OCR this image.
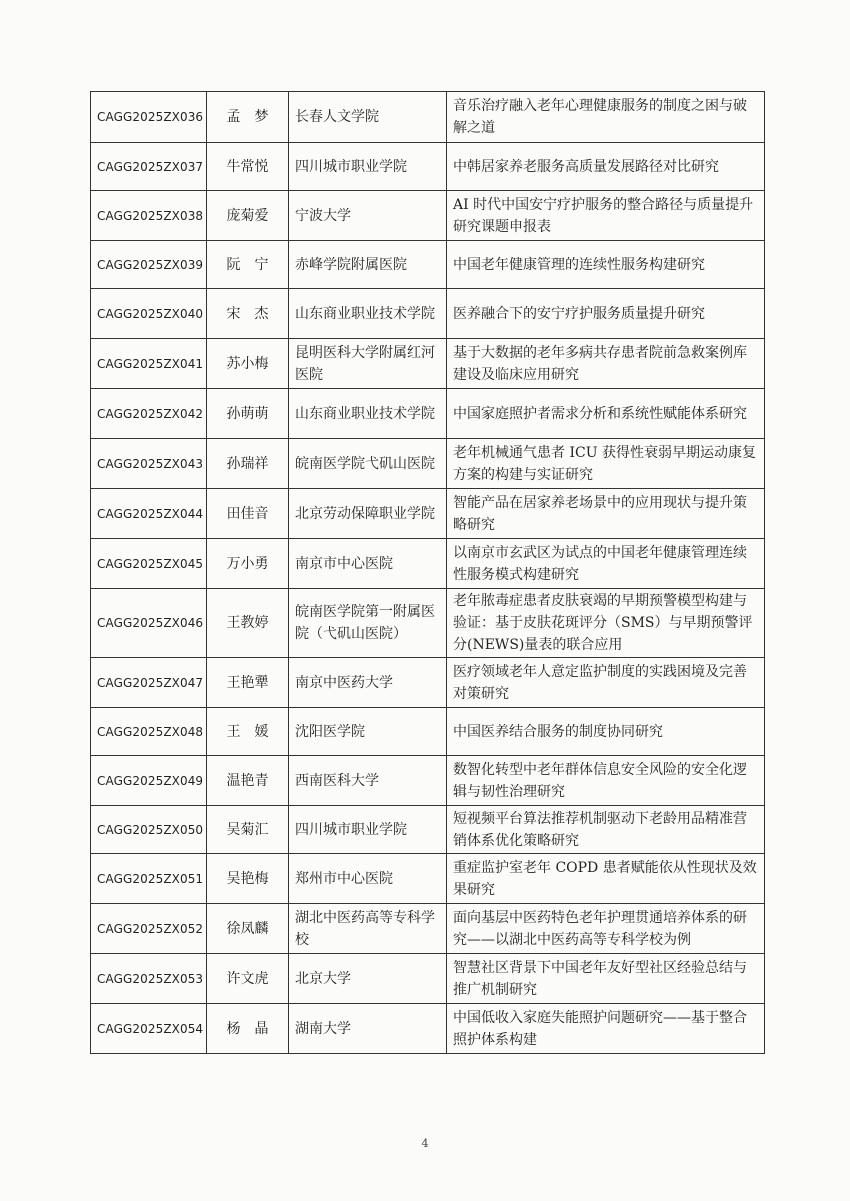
CAGG2025ZX036	孟　梦	长春人文学院	音乐治疗融入老年心理健康服务的制度之困与破解之道
CAGG2025ZX037	牛常悦	四川城市职业学院	中韩居家养老服务高质量发展路径对比研究
CAGG2025ZX038	庞菊爱	宁波大学	AI 时代中国安宁疗护服务的整合路径与质量提升研究课题申报表
CAGG2025ZX039	阮　宁	赤峰学院附属医院	中国老年健康管理的连续性服务构建研究
CAGG2025ZX040	宋　杰	山东商业职业技术学院	医养融合下的安宁疗护服务质量提升研究
CAGG2025ZX041	苏小梅	昆明医科大学附属红河医院	基于大数据的老年多病共存患者院前急救案例库建设及临床应用研究
CAGG2025ZX042	孙萌萌	山东商业职业技术学院	中国家庭照护者需求分析和系统性赋能体系研究
CAGG2025ZX043	孙瑞祥	皖南医学院弋矶山医院	老年机械通气患者 ICU 获得性衰弱早期运动康复方案的构建与实证研究
CAGG2025ZX044	田佳音	北京劳动保障职业学院	智能产品在居家养老场景中的应用现状与提升策略研究
CAGG2025ZX045	万小勇	南京市中心医院	以南京市玄武区为试点的中国老年健康管理连续性服务模式构建研究
CAGG2025ZX046	王教婷	皖南医学院第一附属医院（弋矶山医院）	老年脓毒症患者皮肤衰竭的早期预警模型构建与验证：基于皮肤花斑评分（SMS）与早期预警评分(NEWS)量表的联合应用
CAGG2025ZX047	王艳犟	南京中医药大学	医疗领域老年人意定监护制度的实践困境及完善对策研究
CAGG2025ZX048	王　媛	沈阳医学院	中国医养结合服务的制度协同研究
CAGG2025ZX049	温艳青	西南医科大学	数智化转型中老年群体信息安全风险的安全化逻辑与韧性治理研究
CAGG2025ZX050	吴菊汇	四川城市职业学院	短视频平台算法推荐机制驱动下老龄用品精准营销体系优化策略研究
CAGG2025ZX051	吴艳梅	郑州市中心医院	重症监护室老年 COPD 患者赋能依从性现状及效果研究
CAGG2025ZX052	徐凤麟	湖北中医药高等专科学校	面向基层中医药特色老年护理贯通培养体系的研究——以湖北中医药高等专科学校为例
CAGG2025ZX053	许文虎	北京大学	智慧社区背景下中国老年友好型社区经验总结与推广机制研究
CAGG2025ZX054	杨　晶	湖南大学	中国低收入家庭失能照护问题研究——基于整合照护体系构建
4
